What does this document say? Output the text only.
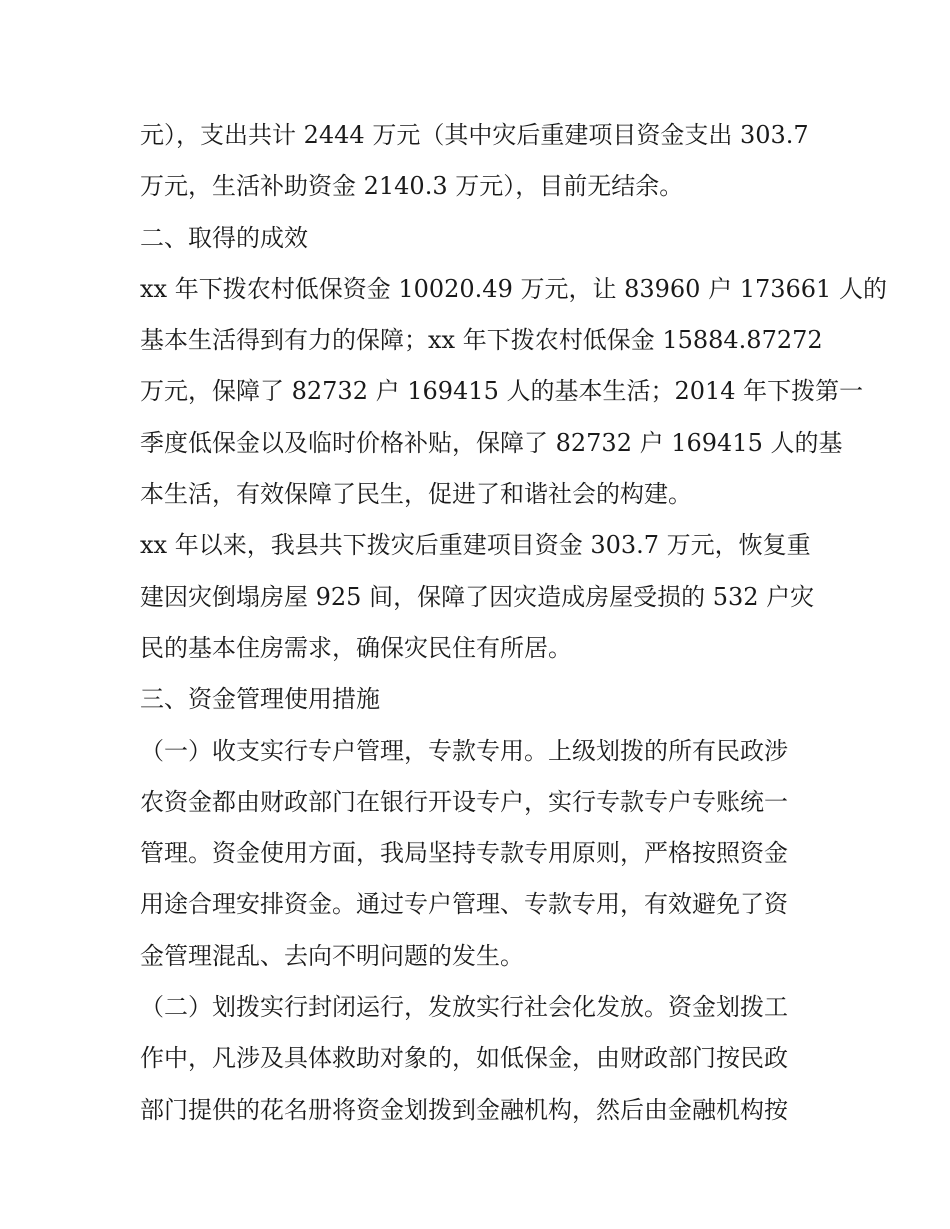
元），支出共计 2444 万元（其中灾后重建项目资金支出 303.7
万元，生活补助资金 2140.3 万元），目前无结余。
二、取得的成效
xx 年下拨农村低保资金 10020.49 万元，让 83960 户 173661 人的
基本生活得到有力的保障；xx 年下拨农村低保金 15884.87272
万元，保障了 82732 户 169415 人的基本生活；2014 年下拨第一
季度低保金以及临时价格补贴，保障了 82732 户 169415 人的基
本生活，有效保障了民生，促进了和谐社会的构建。
xx 年以来，我县共下拨灾后重建项目资金 303.7 万元，恢复重
建因灾倒塌房屋 925 间，保障了因灾造成房屋受损的 532 户灾
民的基本住房需求，确保灾民住有所居。
三、资金管理使用措施
（一）收支实行专户管理，专款专用。上级划拨的所有民政涉
农资金都由财政部门在银行开设专户，实行专款专户专账统一
管理。资金使用方面，我局坚持专款专用原则，严格按照资金
用途合理安排资金。通过专户管理、专款专用，有效避免了资
金管理混乱、去向不明问题的发生。
（二）划拨实行封闭运行，发放实行社会化发放。资金划拨工
作中，凡涉及具体救助对象的，如低保金，由财政部门按民政
部门提供的花名册将资金划拨到金融机构，然后由金融机构按
